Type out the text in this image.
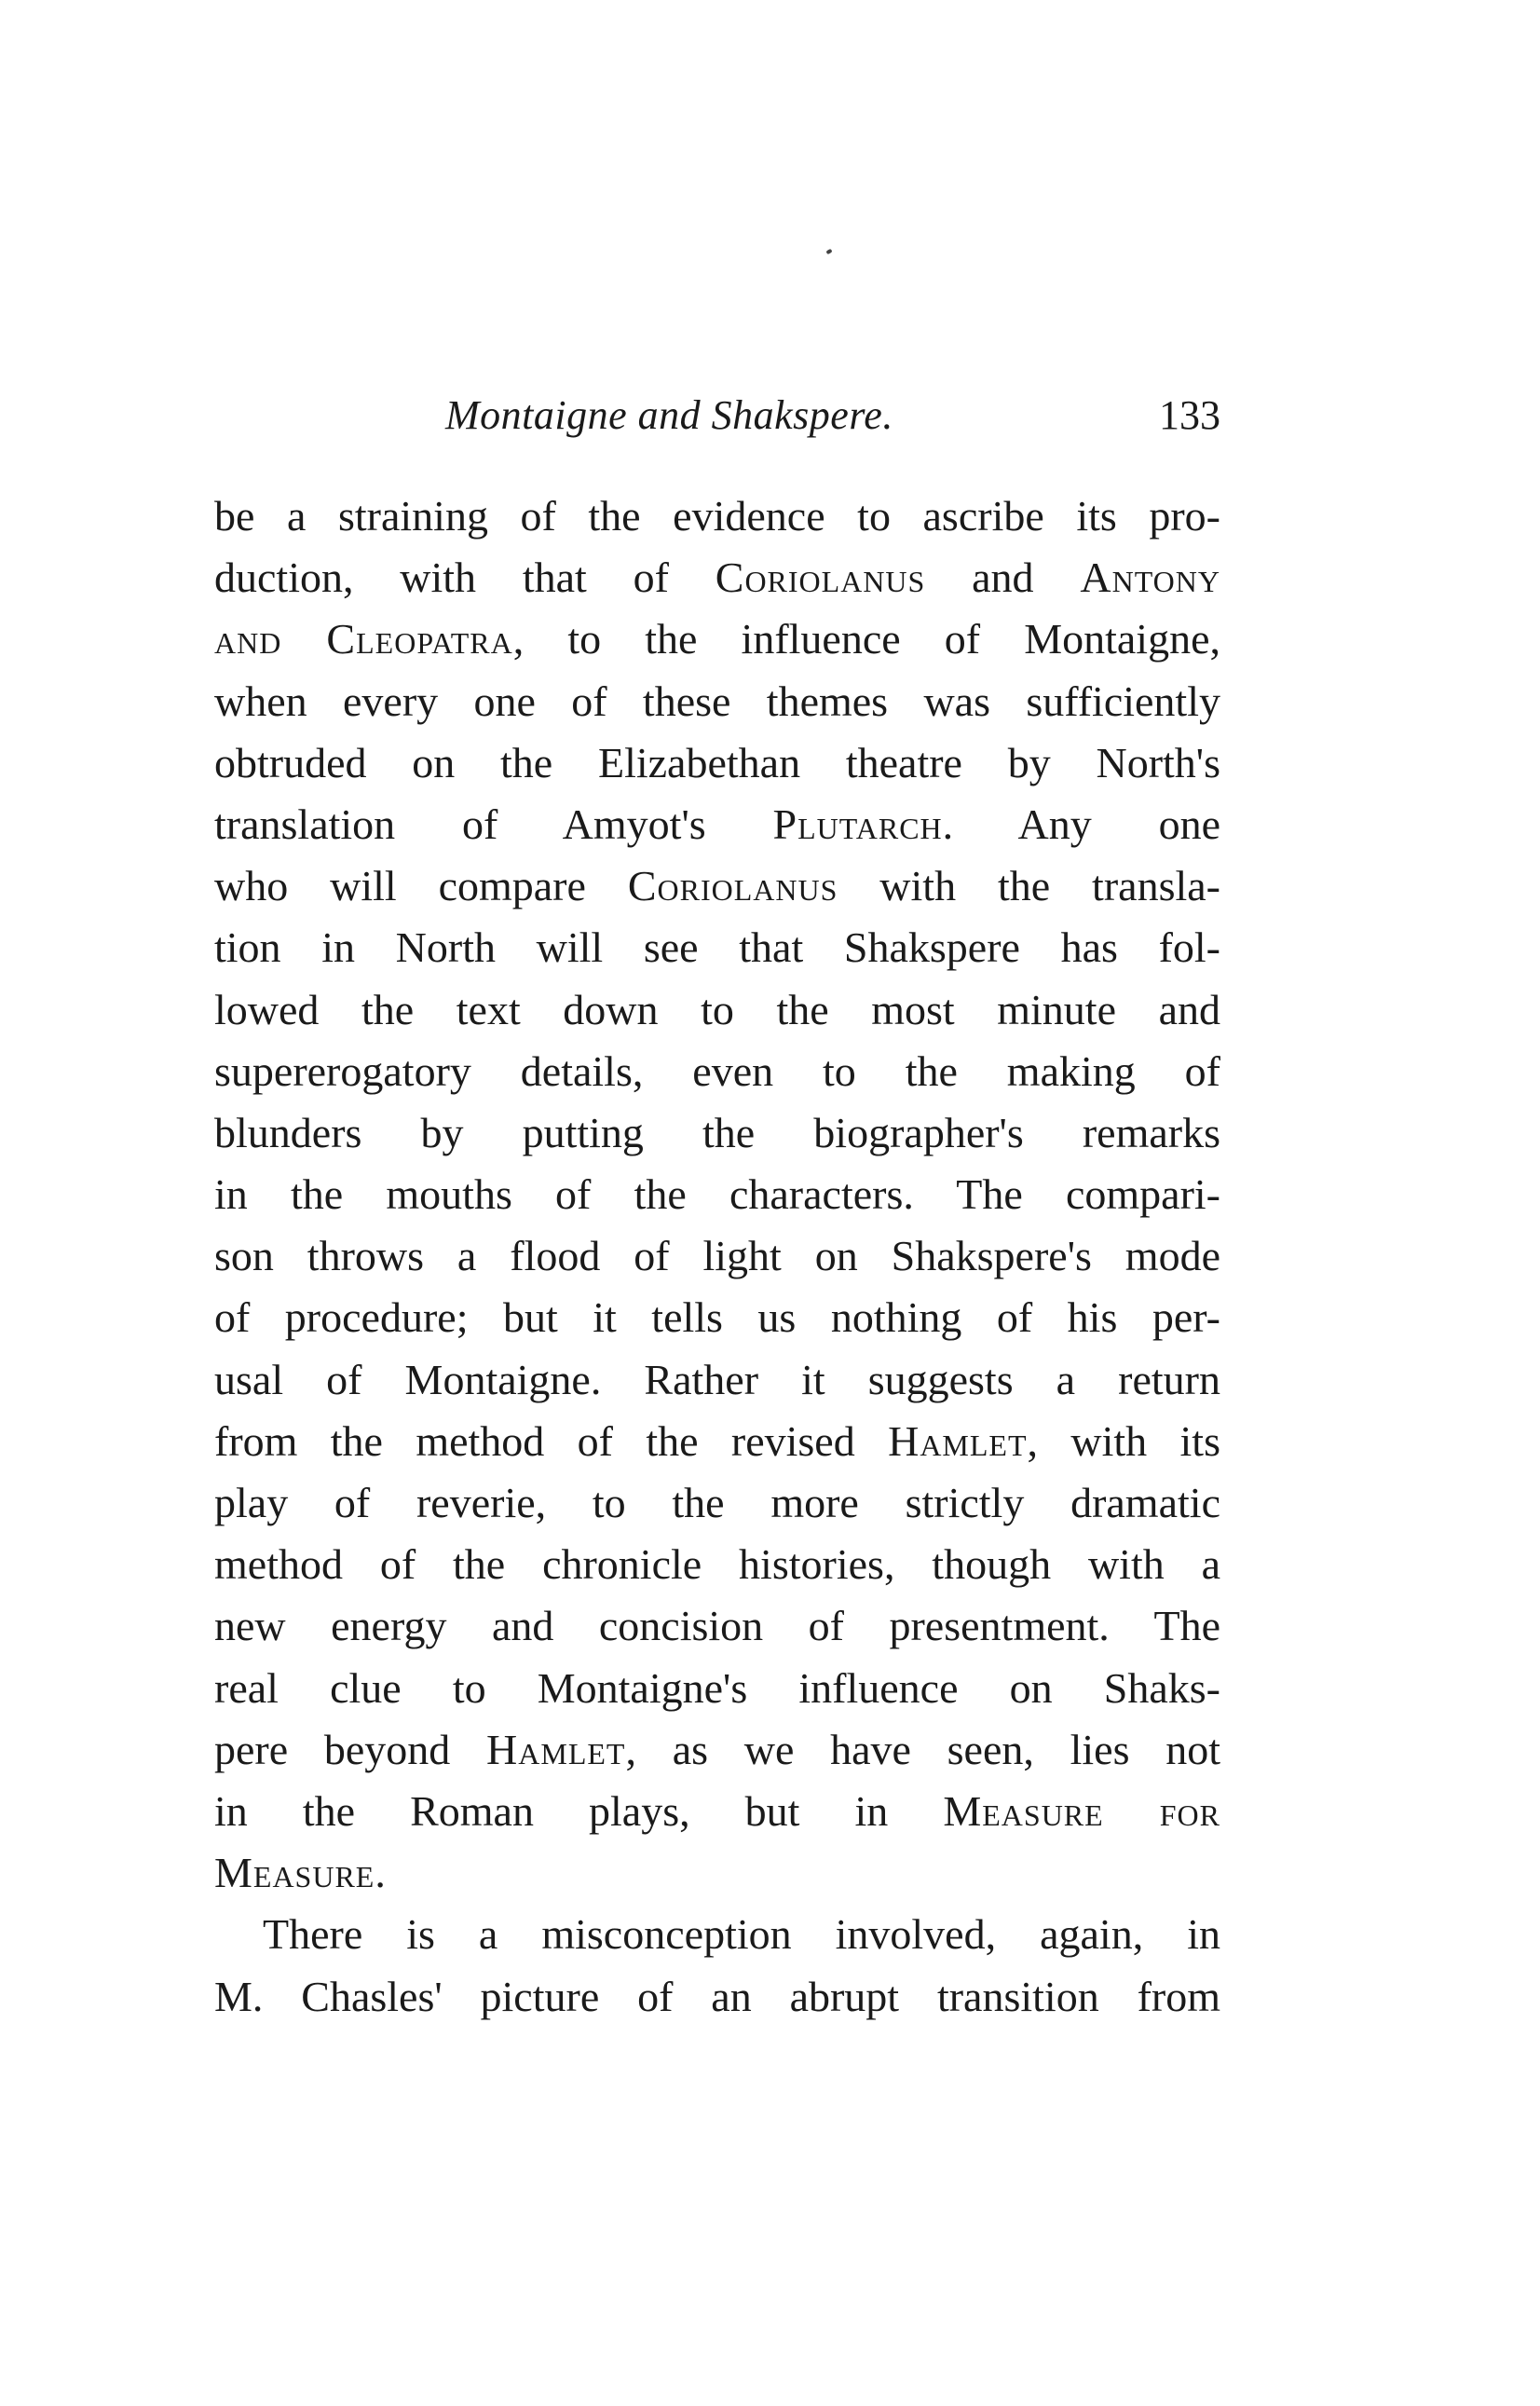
Montaigne and Shakspere.	133
be a straining of the evidence to ascribe its pro-
duction, with that of Coriolanus and Antony
and Cleopatra, to the influence of Montaigne,
when every one of these themes was sufficiently
obtruded on the Elizabethan theatre by North's
translation of Amyot's Plutarch. Any one
who will compare Coriolanus with the transla-
tion in North will see that Shakspere has fol-
lowed the text down to the most minute and
supererogatory details, even to the making of
blunders by putting the biographer's remarks
in the mouths of the characters. The compari-
son throws a flood of light on Shakspere's mode
of procedure; but it tells us nothing of his per-
usal of Montaigne. Rather it suggests a return
from the method of the revised Hamlet, with its
play of reverie, to the more strictly dramatic
method of the chronicle histories, though with a
new energy and concision of presentment. The
real clue to Montaigne's influence on Shaks-
pere beyond Hamlet, as we have seen, lies not
in the Roman plays, but in Measure for
Measure.
There is a misconception involved, again, in
M. Chasles' picture of an abrupt transition from
